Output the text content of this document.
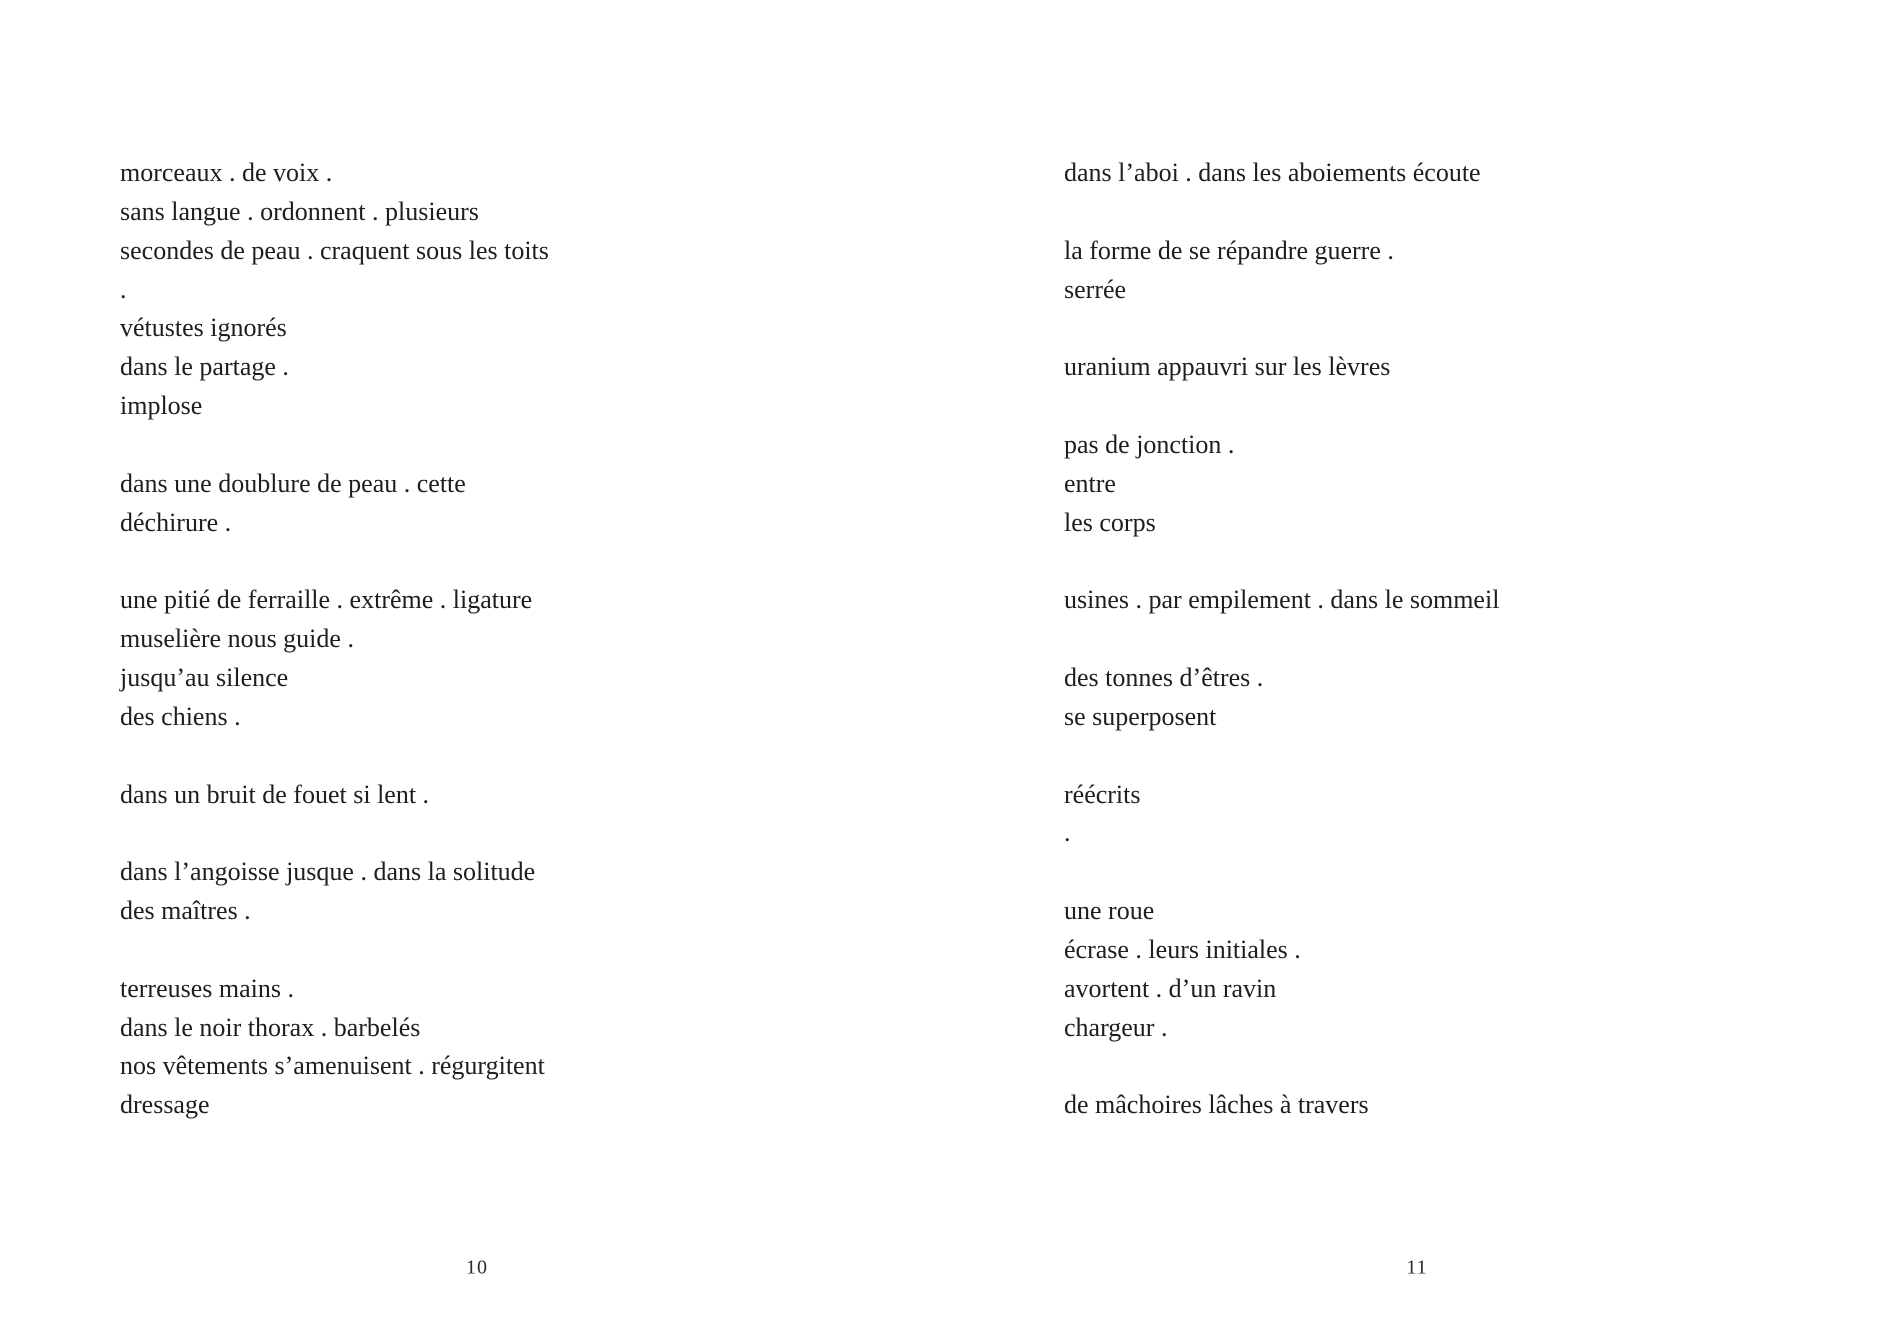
morceaux . de voix .
sans langue . ordonnent . plusieurs
secondes de peau . craquent sous les toits
.
vétustes ignorés
dans le partage .
implose

dans une doublure de peau . cette
déchirure .

une pitié de ferraille . extrême . ligature
muselière nous guide .
jusqu’au silence
des chiens .

dans un bruit de fouet si lent .

dans l’angoisse jusque . dans la solitude
des maîtres .

terreuses mains .
dans le noir thorax . barbelés
nos vêtements s’amenuisent . régurgitent
dressage
10
dans l’aboi . dans les aboiements écoute

la forme de se répandre guerre .
serrée

uranium appauvri sur les lèvres

pas de jonction .
entre
les corps

usines . par empilement . dans le sommeil

des tonnes d’êtres .
se superposent

réécrits
.

une roue
écrase . leurs initiales .
avortent . d’un ravin
chargeur .

de mâchoires lâches à travers
11
